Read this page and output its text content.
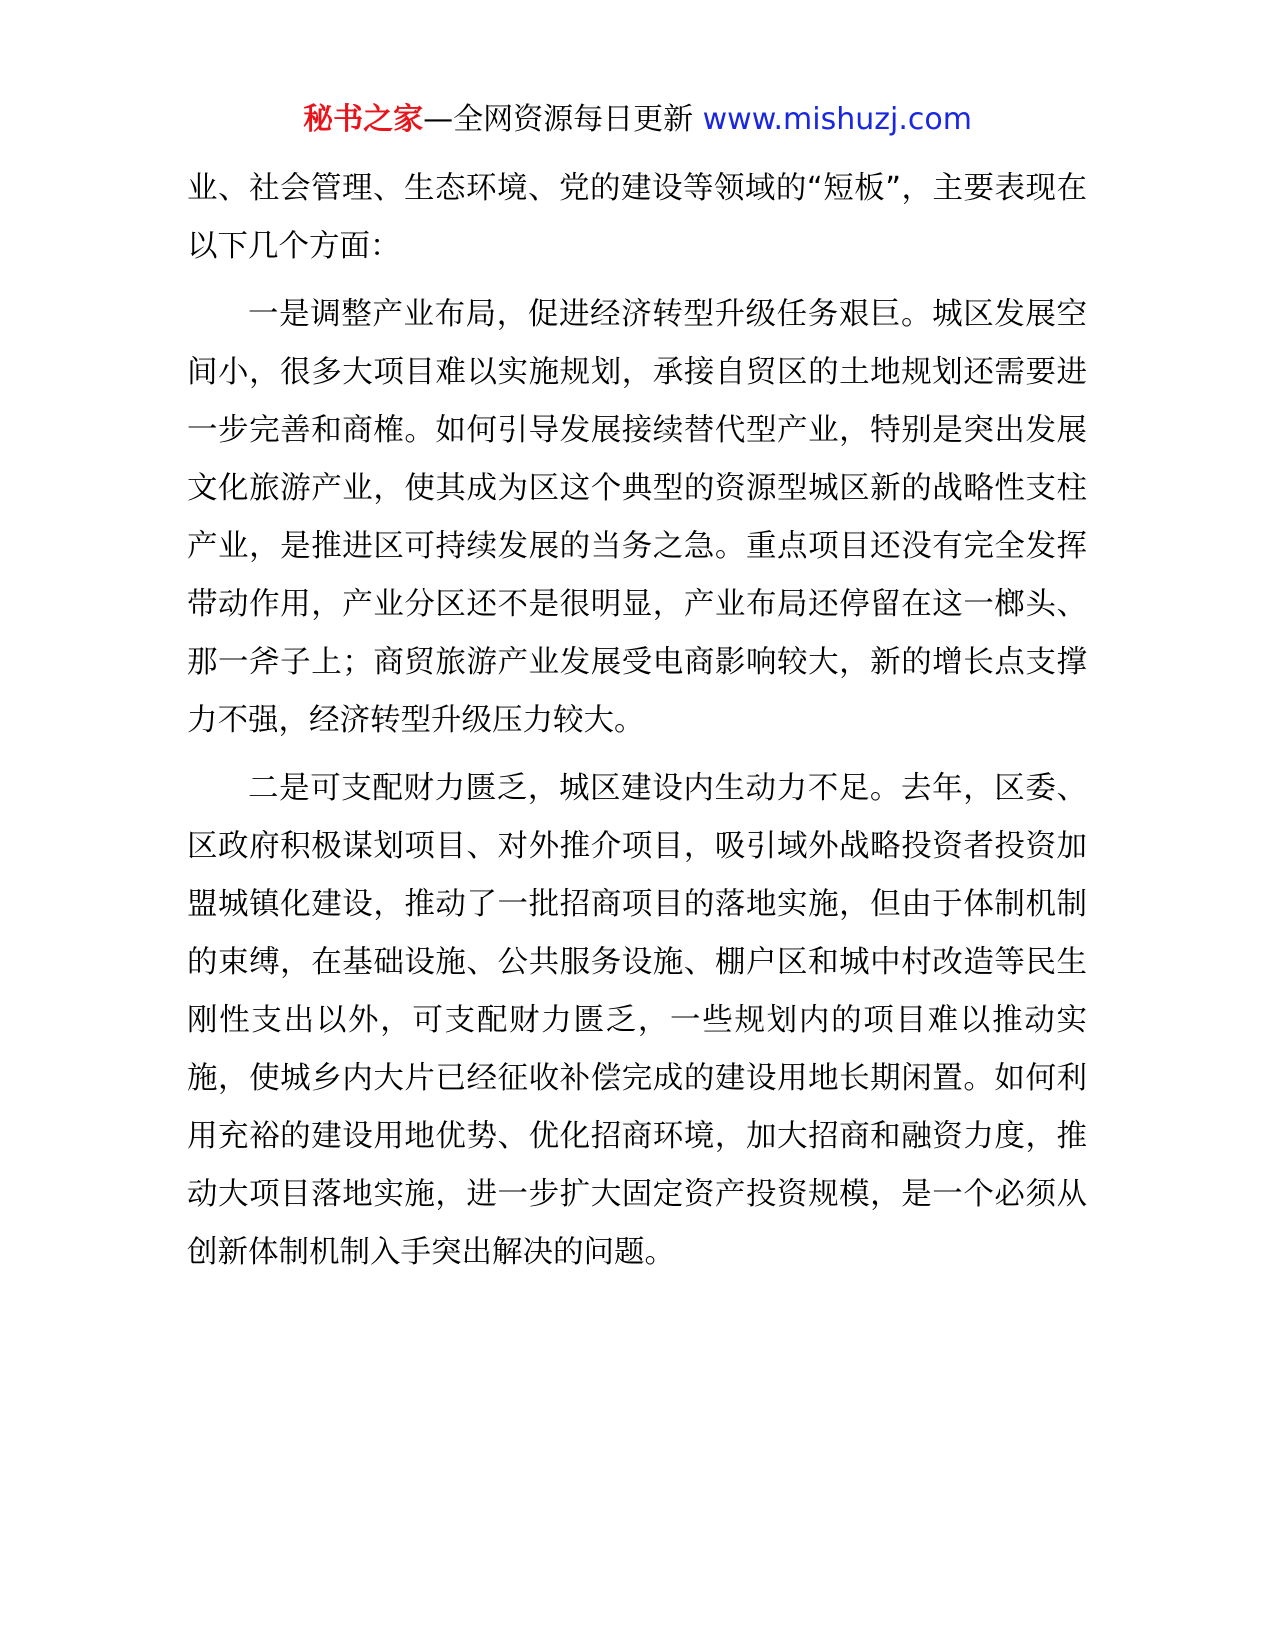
秘书之家—全网资源每日更新 www.mishuzj.com

业、社会管理、生态环境、党的建设等领域的“短板”，主要表现在以下几个方面：

一是调整产业布局，促进经济转型升级任务艰巨。城区发展空间小，很多大项目难以实施规划，承接自贸区的土地规划还需要进一步完善和商榷。如何引导发展接续替代型产业，特别是突出发展文化旅游产业，使其成为区这个典型的资源型城区新的战略性支柱产业，是推进区可持续发展的当务之急。重点项目还没有完全发挥带动作用，产业分区还不是很明显，产业布局还停留在这一榔头、那一斧子上；商贸旅游产业发展受电商影响较大，新的增长点支撑力不强，经济转型升级压力较大。

二是可支配财力匮乏，城区建设内生动力不足。去年，区委、区政府积极谋划项目、对外推介项目，吸引域外战略投资者投资加盟城镇化建设，推动了一批招商项目的落地实施，但由于体制机制的束缚，在基础设施、公共服务设施、棚户区和城中村改造等民生刚性支出以外，可支配财力匮乏，一些规划内的项目难以推动实施，使城乡内大片已经征收补偿完成的建设用地长期闲置。如何利用充裕的建设用地优势、优化招商环境，加大招商和融资力度，推动大项目落地实施，进一步扩大固定资产投资规模，是一个必须从创新体制机制入手突出解决的问题。
